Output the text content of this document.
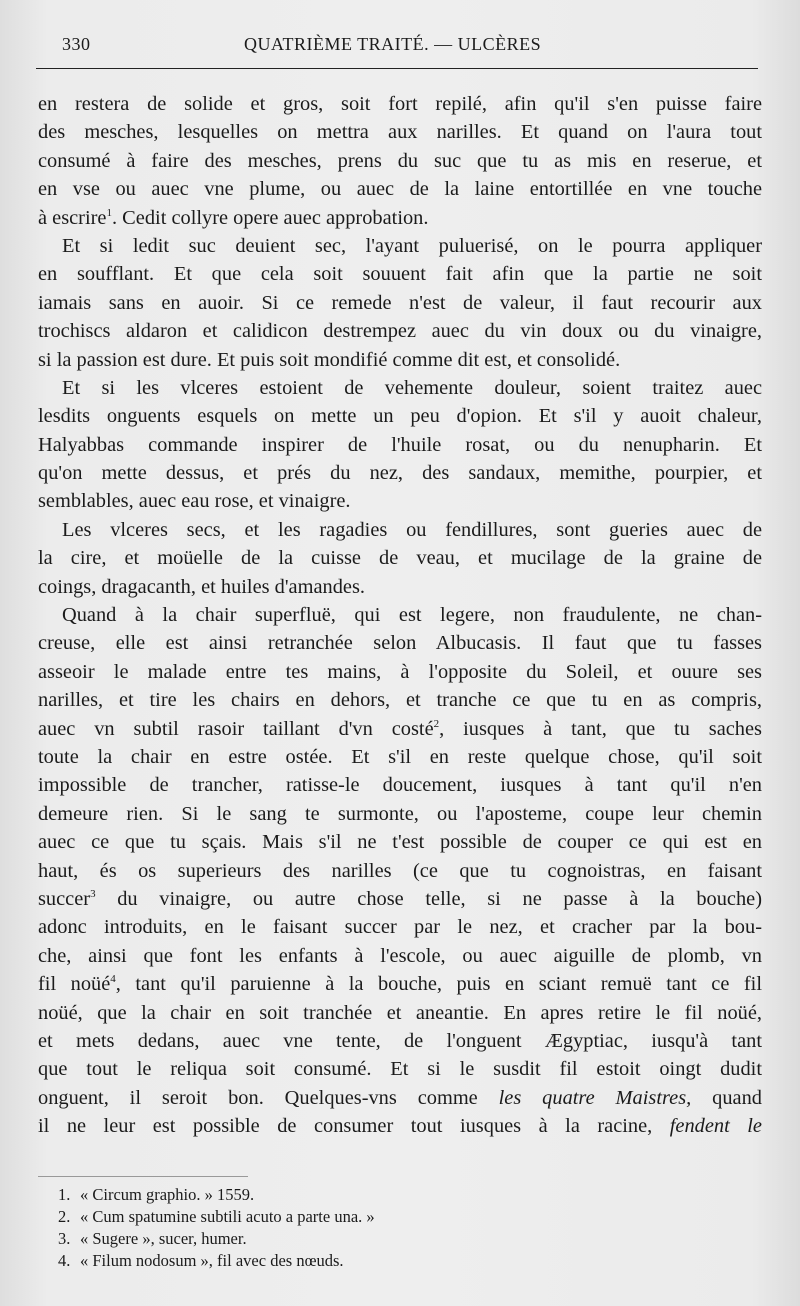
330	QUATRIÈME TRAITÉ. — ULCÈRES
en restera de solide et gros, soit fort repilé, afin qu'il s'en puisse faire
des mesches, lesquelles on mettra aux narilles. Et quand on l'aura tout
consumé à faire des mesches, prens du suc que tu as mis en reserue, et
en vse ou auec vne plume, ou auec de la laine entortillée en vne touche
à escrire$^1$. Cedit collyre opere auec approbation.
Et si ledit suc deuient sec, l'ayant puluerisé, on le pourra appliquer
en soufflant. Et que cela soit souuent fait afin que la partie ne soit
iamais sans en auoir. Si ce remede n'est de valeur, il faut recourir aux
trochiscs aldaron et calidicon destrempez auec du vin doux ou du vinaigre,
si la passion est dure. Et puis soit mondifié comme dit est, et consolidé.
Et si les vlceres estoient de vehemente douleur, soient traitez auec
lesdits onguents esquels on mette un peu d'opion. Et s'il y auoit chaleur,
Halyabbas commande inspirer de l'huile rosat, ou du nenupharin. Et
qu'on mette dessus, et prés du nez, des sandaux, memithe, pourpier, et
semblables, auec eau rose, et vinaigre.
Les vlceres secs, et les ragadies ou fendillures, sont gueries auec de
la cire, et moüelle de la cuisse de veau, et mucilage de la graine de
coings, dragacanth, et huiles d'amandes.
Quand à la chair superfluë, qui est legere, non fraudulente, ne chan-
creuse, elle est ainsi retranchée selon Albucasis. Il faut que tu fasses
asseoir le malade entre tes mains, à l'opposite du Soleil, et ouure ses
narilles, et tire les chairs en dehors, et tranche ce que tu en as compris,
auec vn subtil rasoir taillant d'vn costé$^2$, iusques à tant, que tu saches
toute la chair en estre ostée. Et s'il en reste quelque chose, qu'il soit
impossible de trancher, ratisse-le doucement, iusques à tant qu'il n'en
demeure rien. Si le sang te surmonte, ou l'aposteme, coupe leur chemin
auec ce que tu sçais. Mais s'il ne t'est possible de couper ce qui est en
haut, és os superieurs des narilles (ce que tu cognoistras, en faisant
succer$^3$ du vinaigre, ou autre chose telle, si ne passe à la bouche)
adonc introduits, en le faisant succer par le nez, et cracher par la bou-
che, ainsi que font les enfants à l'escole, ou auec aiguille de plomb, vn
fil noüé$^4$, tant qu'il paruienne à la bouche, puis en sciant remuë tant ce fil
noüé, que la chair en soit tranchée et aneantie. En apres retire le fil noüé,
et mets dedans, auec vne tente, de l'onguent Ægyptiac, iusqu'à tant
que tout le reliqua soit consumé. Et si le susdit fil estoit oingt dudit
onguent, il seroit bon. Quelques-vns comme les quatre Maistres, quand
il ne leur est possible de consumer tout iusques à la racine, fendent le
1. « Circum graphio. » 1559.
2. « Cum spatumine subtili acuto a parte una. »
3. « Sugere », sucer, humer.
4. « Filum nodosum », fil avec des nœuds.
